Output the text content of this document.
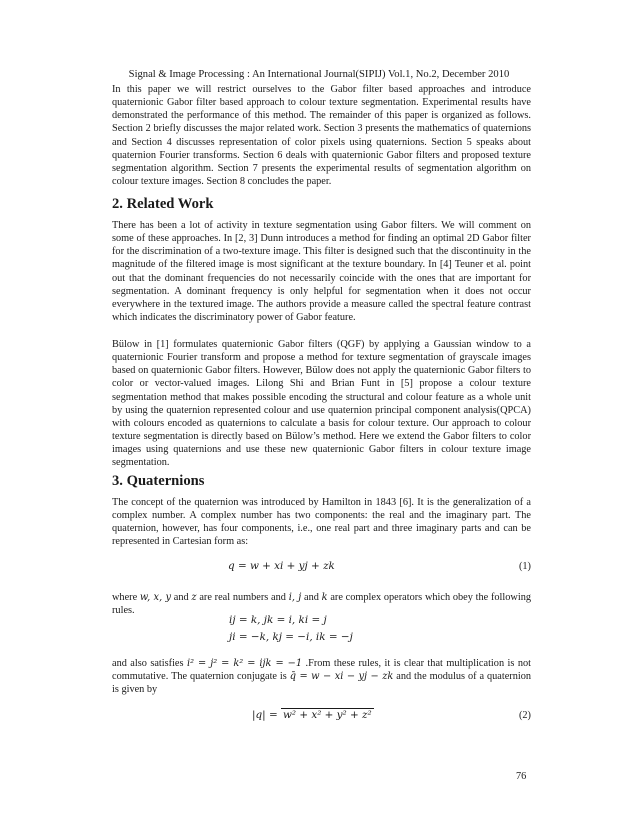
Signal & Image Processing : An International Journal(SIPIJ) Vol.1, No.2, December 2010

In this paper we will restrict ourselves to the Gabor filter based approaches and introduce quaternionic Gabor filter based approach to colour texture segmentation. Experimental results have demonstrated the performance of this method. The remainder of this paper is organized as follows. Section 2 briefly discusses the major related work. Section 3 presents the mathematics of quaternions and Section 4 discusses representation of color pixels using quaternions. Section 5 speaks about quaternion Fourier transforms. Section 6 deals with quaternionic Gabor filters and proposed texture segmentation algorithm. Section 7 presents the experimental results of segmentation algorithm on colour texture images. Section 8 concludes the paper.

2. Related Work

There has been a lot of activity in texture segmentation using Gabor filters. We will comment on some of these approaches. In [2, 3] Dunn introduces a method for finding an optimal 2D Gabor filter for the discrimination of a two-texture image. This filter is designed such that the discontinuity in the magnitude of the filtered image is most significant at the texture boundary. In [4] Teuner et al. point out that the dominant frequencies do not necessarily coincide with the ones that are important for segmentation. A dominant frequency is only helpful for segmentation when it does not occur everywhere in the textured image. The authors provide a measure called the spectral feature contrast which indicates the discriminatory power of Gabor feature.

Bülow in [1] formulates quaternionic Gabor filters (QGF) by applying a Gaussian window to a quaternionic Fourier transform and propose a method for texture segmentation of grayscale images based on quaternionic Gabor filters. However, Bülow does not apply the quaternionic Gabor filters to color or vector-valued images. Lilong Shi and Brian Funt in [5] propose a colour texture segmentation method that makes possible encoding the structural and colour feature as a whole unit by using the quaternion represented colour and use quaternion principal component analysis(QPCA) with colours encoded as quaternions to calculate a basis for colour texture. Our approach to colour texture segmentation is directly based on Bülow’s method. Here we extend the Gabor filters to color images using quaternions and use these new quaternionic Gabor filters in colour texture image segmentation.

3. Quaternions

The concept of the quaternion was introduced by Hamilton in 1843 [6]. It is the generalization of a complex number. A complex number has two components: the real and the imaginary part. The quaternion, however, has four components, i.e., one real part and three imaginary parts and can be represented in Cartesian form as:

q = w + xi + yj + zk	(1)

where w, x, y and z are real numbers and i, j and k are complex operators which obey the following rules.

ij = k, jk = i, ki = j
ji = −k, kj = −i, ik = −j

and also satisfies i² = j² = k² = ijk = −1 .From these rules, it is clear that multiplication is not commutative. The quaternion conjugate is q̄ = w − xi − yj − zk and the modulus of a quaternion is given by

|q| = w² + x² + y² + z²	(2)
76
